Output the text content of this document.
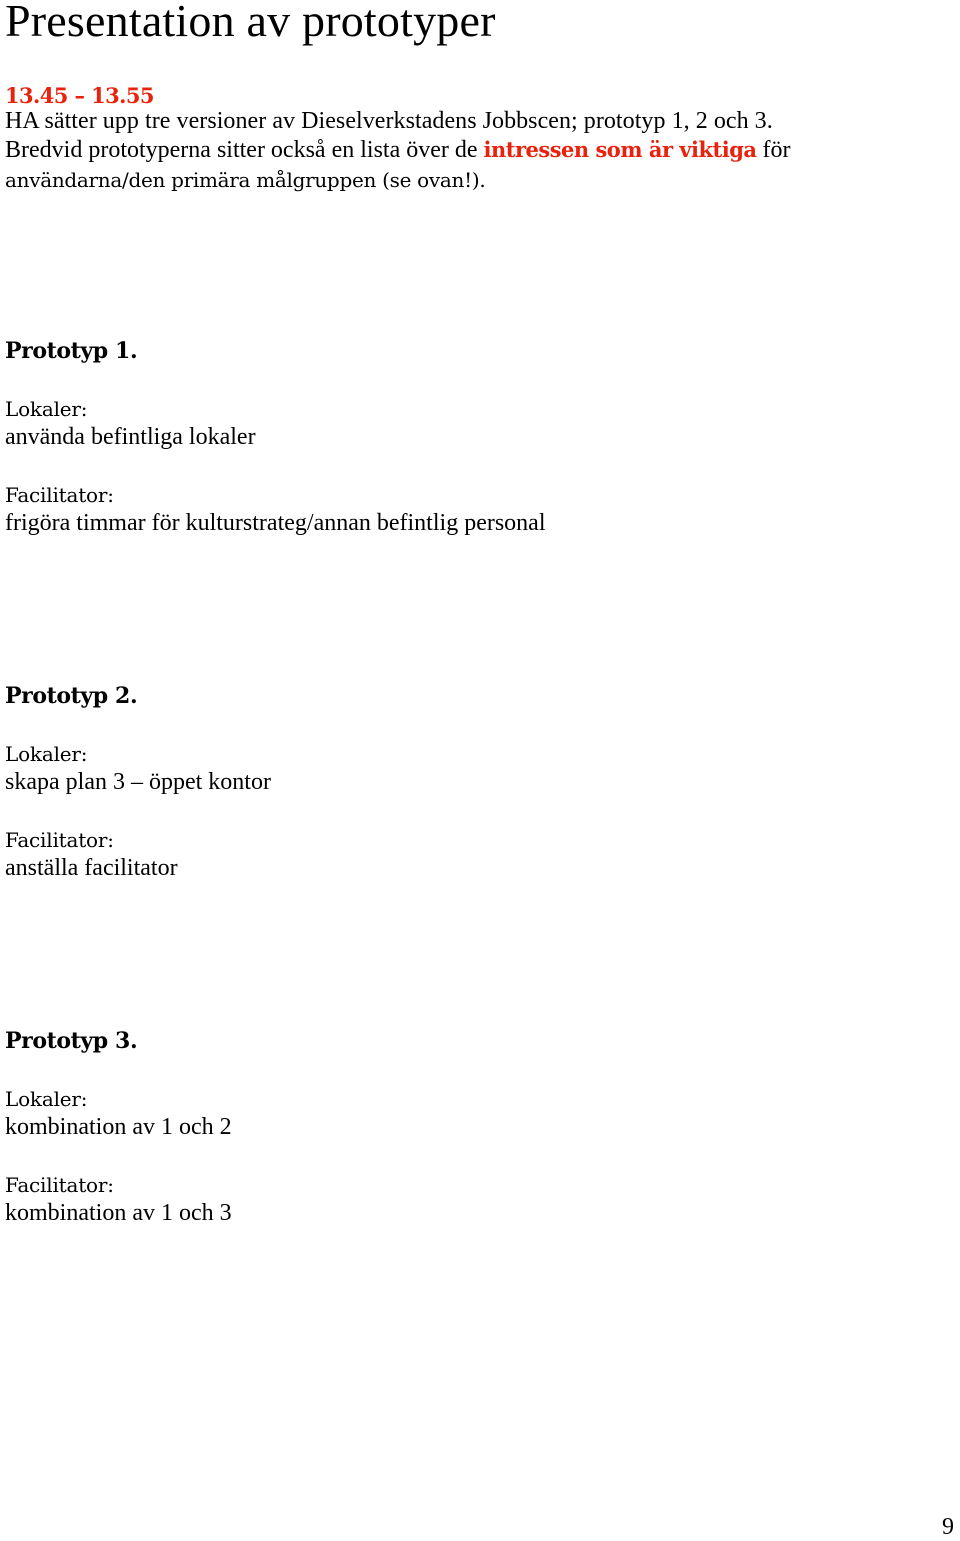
Presentation av prototyper
13.45 – 13.55
HA sätter upp tre versioner av Dieselverkstadens Jobbscen; prototyp 1, 2 och 3.
Bredvid prototyperna sitter också en lista över de intressen som är viktiga för
användarna/den primära målgruppen (se ovan!).
Prototyp 1.
Lokaler:
använda befintliga lokaler
Facilitator:
frigöra timmar för kulturstrateg/annan befintlig personal
Prototyp 2.
Lokaler:
skapa plan 3 – öppet kontor
Facilitator:
anställa facilitator
Prototyp 3.
Lokaler:
kombination av 1 och 2
Facilitator:
kombination av 1 och 3
9
